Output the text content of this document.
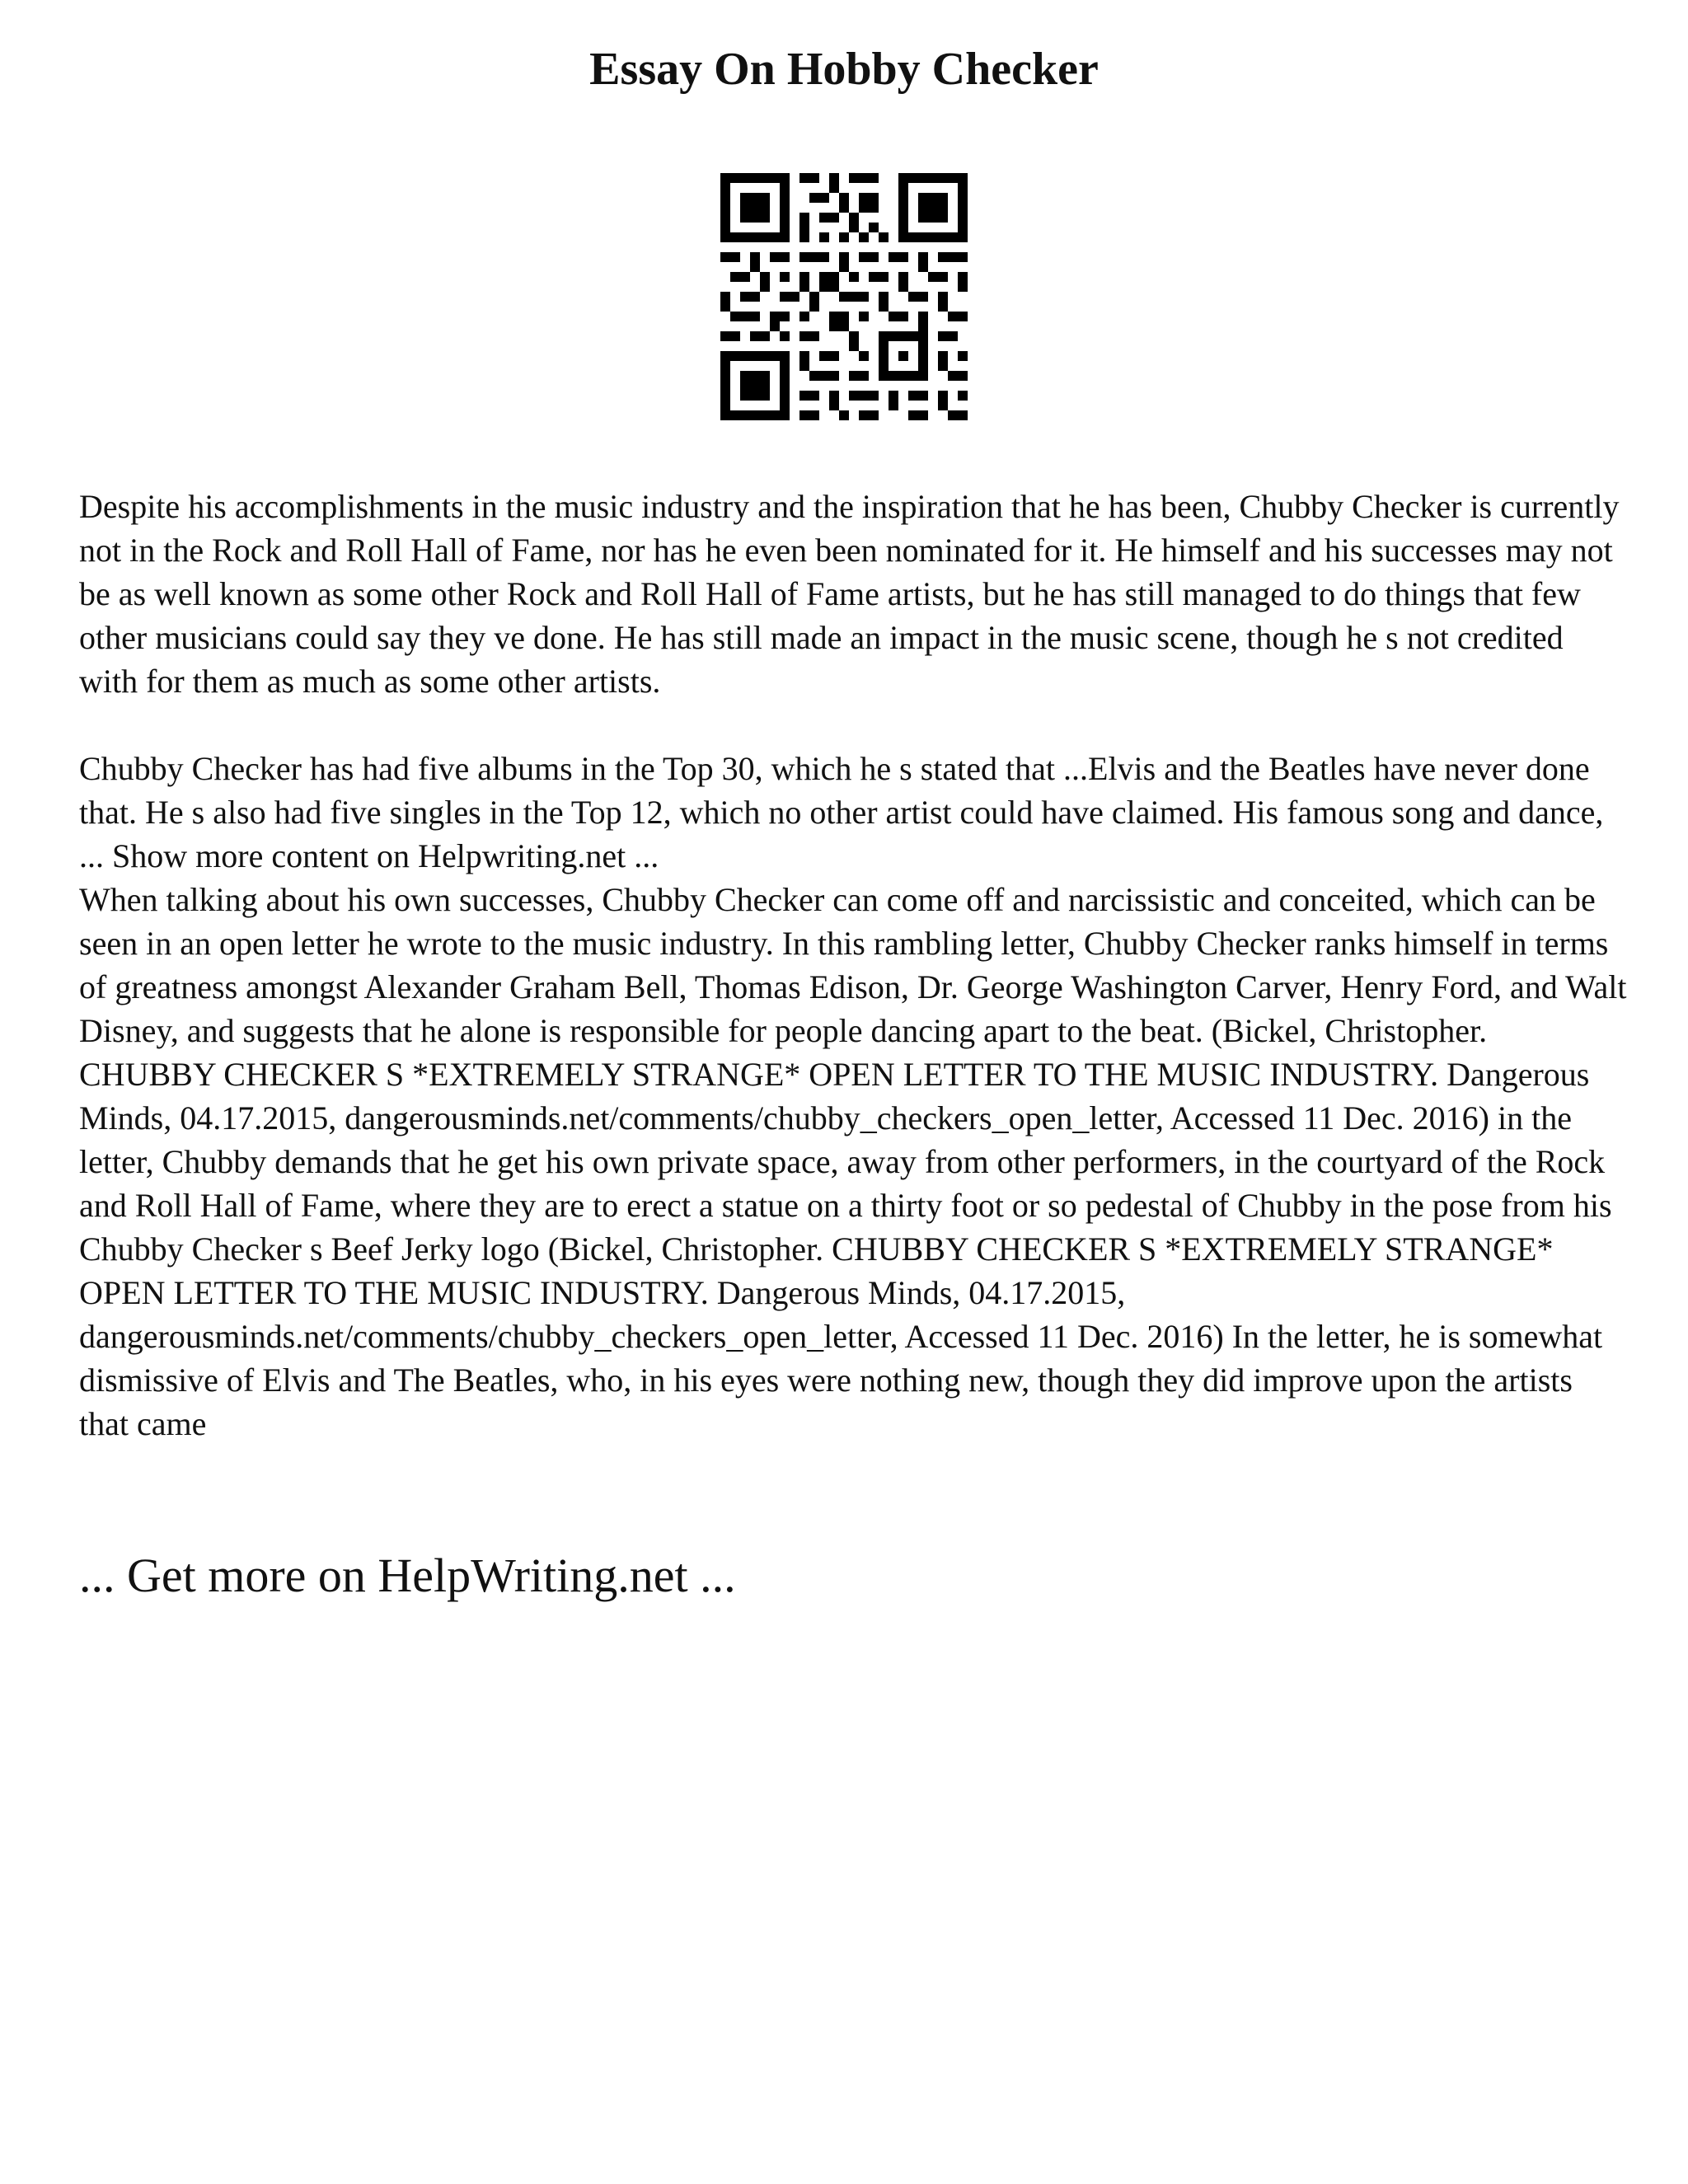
Essay On Hobby Checker

Despite his accomplishments in the music industry and the inspiration that he has been, Chubby Checker is currently not in the Rock and Roll Hall of Fame, nor has he even been nominated for it. He himself and his successes may not be as well known as some other Rock and Roll Hall of Fame artists, but he has still managed to do things that few other musicians could say they ve done. He has still made an impact in the music scene, though he s not credited with for them as much as some other artists.

Chubby Checker has had five albums in the Top 30, which he s stated that ...Elvis and the Beatles have never done that. He s also had five singles in the Top 12, which no other artist could have claimed. His famous song and dance, ... Show more content on Helpwriting.net ...

When talking about his own successes, Chubby Checker can come off and narcissistic and conceited, which can be seen in an open letter he wrote to the music industry. In this rambling letter, Chubby Checker ranks himself in terms of greatness amongst Alexander Graham Bell, Thomas Edison, Dr. George Washington Carver, Henry Ford, and Walt Disney, and suggests that he alone is responsible for people dancing apart to the beat. (Bickel, Christopher. CHUBBY CHECKER S *EXTREMELY STRANGE* OPEN LETTER TO THE MUSIC INDUSTRY. Dangerous Minds, 04.17.2015, dangerousminds.net/comments/chubby_checkers_open_letter, Accessed 11 Dec. 2016) in the letter, Chubby demands that he get his own private space, away from other performers, in the courtyard of the Rock and Roll Hall of Fame, where they are to erect a statue on a thirty foot or so pedestal of Chubby in the pose from his Chubby Checker s Beef Jerky logo (Bickel, Christopher. CHUBBY CHECKER S *EXTREMELY STRANGE* OPEN LETTER TO THE MUSIC INDUSTRY. Dangerous Minds, 04.17.2015, dangerousminds.net/comments/chubby_checkers_open_letter, Accessed 11 Dec. 2016) In the letter, he is somewhat dismissive of Elvis and The Beatles, who, in his eyes were nothing new, though they did improve upon the artists that came

... Get more on HelpWriting.net ...
